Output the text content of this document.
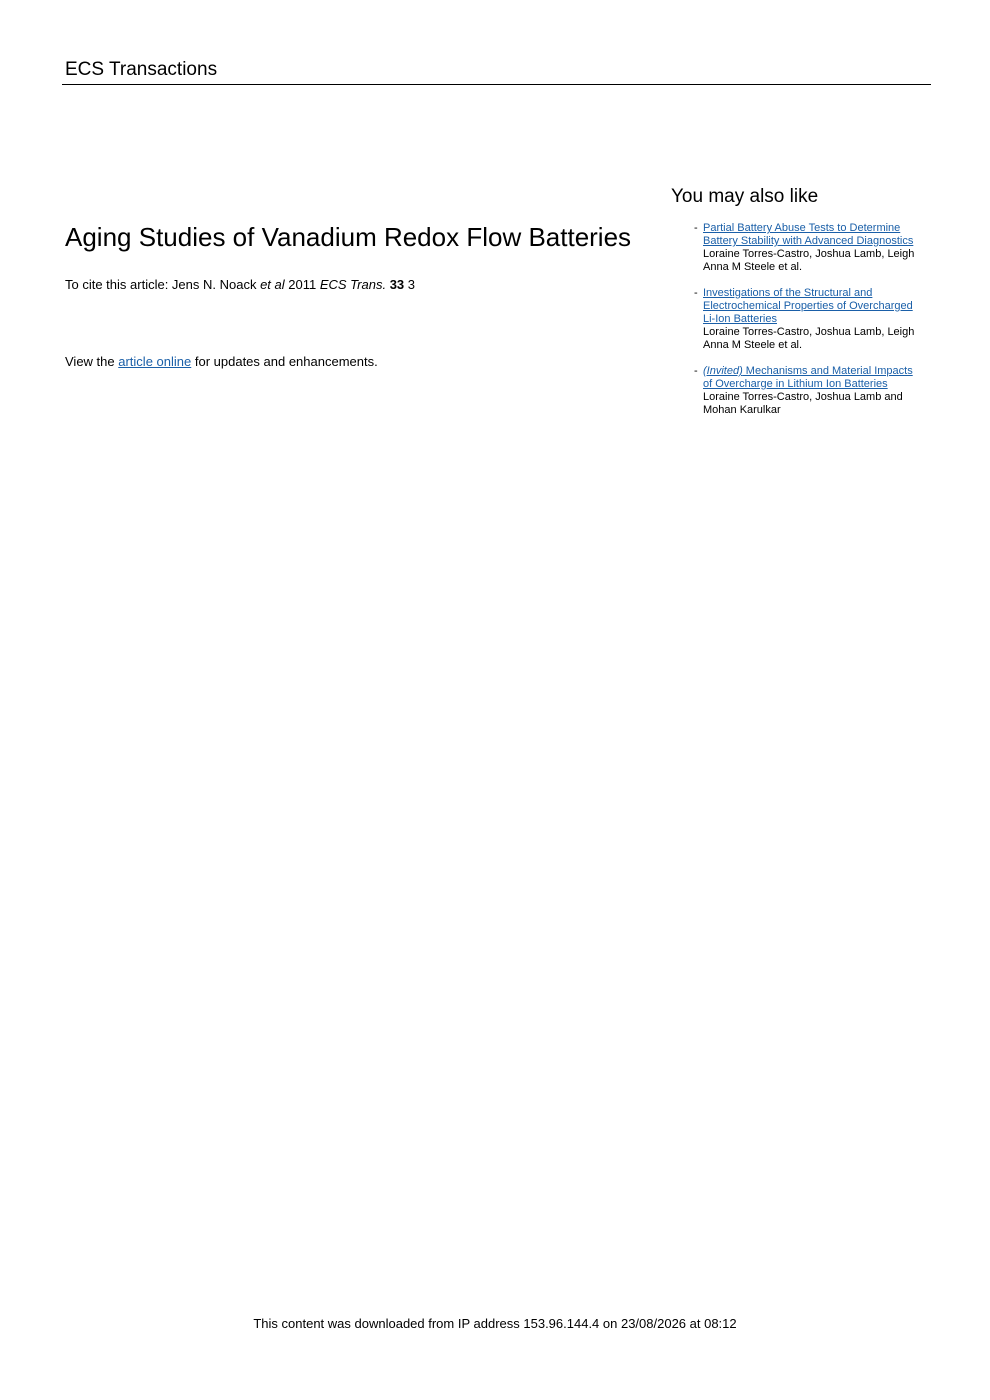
ECS Transactions
Aging Studies of Vanadium Redox Flow Batteries
To cite this article: Jens N. Noack et al 2011 ECS Trans. 33 3
View the article online for updates and enhancements.
You may also like
- Partial Battery Abuse Tests to Determine Battery Stability with Advanced Diagnostics
Loraine Torres-Castro, Joshua Lamb, Leigh Anna M Steele et al.
- Investigations of the Structural and Electrochemical Properties of Overcharged Li-Ion Batteries
Loraine Torres-Castro, Joshua Lamb, Leigh Anna M Steele et al.
- (Invited) Mechanisms and Material Impacts of Overcharge in Lithium Ion Batteries
Loraine Torres-Castro, Joshua Lamb and Mohan Karulkar
This content was downloaded from IP address 153.96.144.4 on 23/08/2026 at 08:12
